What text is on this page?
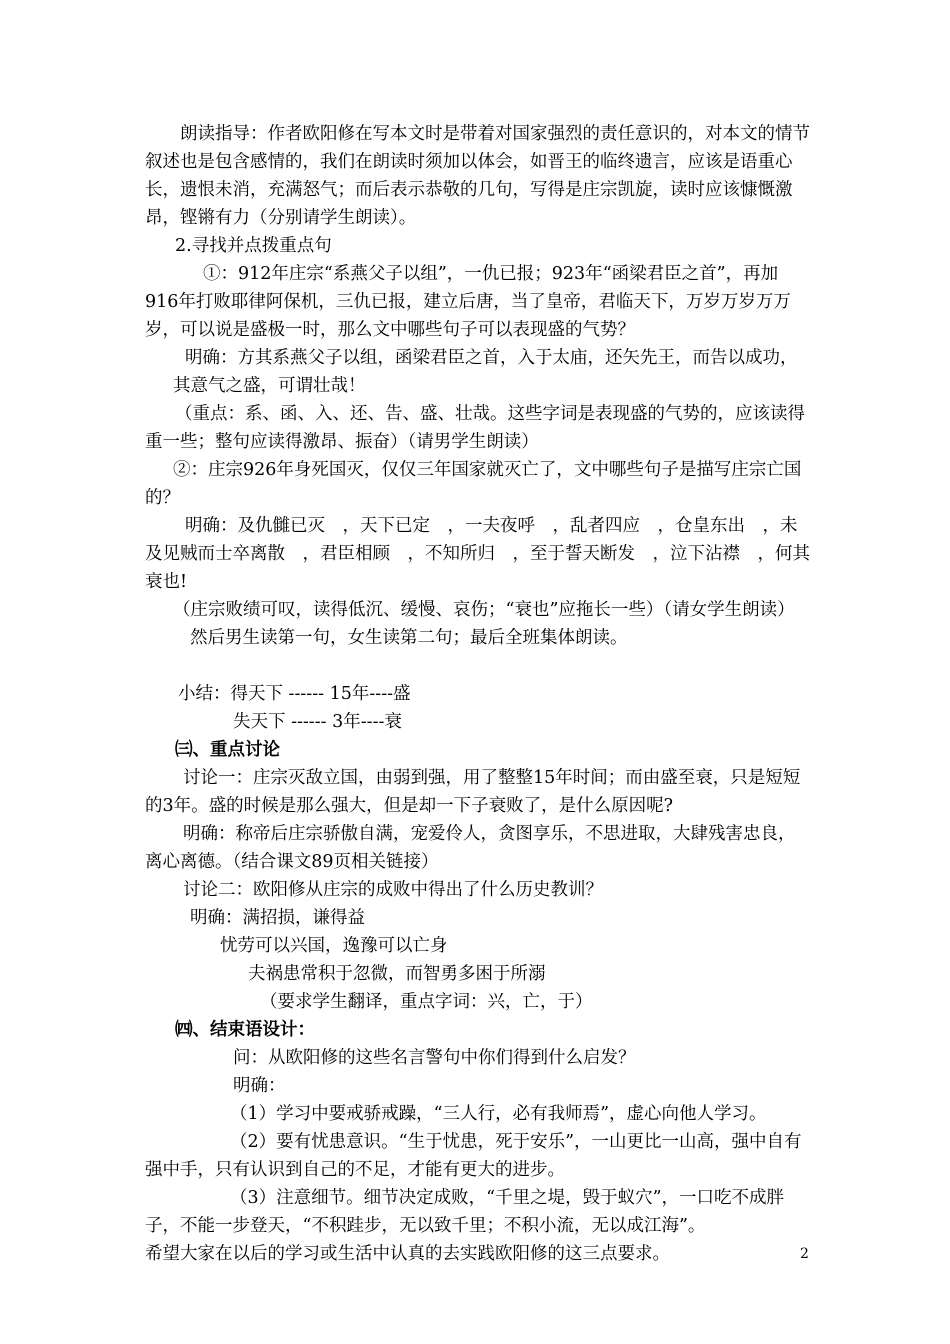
朗读指导：作者欧阳修在写本文时是带着对国家强烈的责任意识的，对本文的情节叙述也是包含感情的，我们在朗读时须加以体会，如晋王的临终遗言，应该是语重心长，遗恨未消，充满怒气；而后表示恭敬的几句，写得是庄宗凯旋，读时应该慷慨激昂，铿锵有力（分别请学生朗读）。

2.寻找并点拨重点句

①：912年庄宗“系燕父子以组”，一仇已报；923年“函梁君臣之首”，再加916年打败耶律阿保机，三仇已报，建立后唐，当了皇帝，君临天下，万岁万岁万万岁，可以说是盛极一时，那么文中哪些句子可以表现盛的气势？

明确：方其系燕父子以组，函梁君臣之首，入于太庙，还矢先王，而告以成功，

其意气之盛，可谓壮哉！

（重点：系、函、入、还、告、盛、壮哉。这些字词是表现盛的气势的，应该读得重一些；整句应读得激昂、振奋）（请男学生朗读）

②：庄宗926年身死国灭，仅仅三年国家就灭亡了，文中哪些句子是描写庄宗亡国的？

明确：及仇雠已灭　，天下已定　，一夫夜呼　，乱者四应　，仓皇东出　，未及见贼而士卒离散　，君臣相顾　，不知所归　，至于誓天断发　，泣下沾襟　，何其衰也!

（庄宗败绩可叹，读得低沉、缓慢、哀伤；“衰也”应拖长一些）（请女学生朗读）

然后男生读第一句，女生读第二句；最后全班集体朗读。

小结：得天下 ------ 15年----盛

失天下 ------ 3年----衰

㈢、重点讨论

讨论一：庄宗灭敌立国，由弱到强，用了整整15年时间；而由盛至衰，只是短短的3年。盛的时候是那么强大，但是却一下子衰败了，是什么原因呢?

明确：称帝后庄宗骄傲自满，宠爱伶人，贪图享乐，不思进取，大肆残害忠良，离心离德。（结合课文89页相关链接）

讨论二：欧阳修从庄宗的成败中得出了什么历史教训？

明确：满招损，谦得益

忧劳可以兴国，逸豫可以亡身

夫祸患常积于忽微，而智勇多困于所溺

（要求学生翻译，重点字词：兴，亡，于）

㈣、结束语设计：

问：从欧阳修的这些名言警句中你们得到什么启发？

明确：

（1）学习中要戒骄戒躁，“三人行，必有我师焉”，虚心向他人学习。

（2）要有忧患意识。“生于忧患，死于安乐”，一山更比一山高，强中自有强中手，只有认识到自己的不足，才能有更大的进步。

（3）注意细节。细节决定成败，“千里之堤，毁于蚁穴”，一口吃不成胖子，不能一步登天，“不积跬步，无以致千里；不积小流，无以成江海”。

希望大家在以后的学习或生活中认真的去实践欧阳修的这三点要求。	2
